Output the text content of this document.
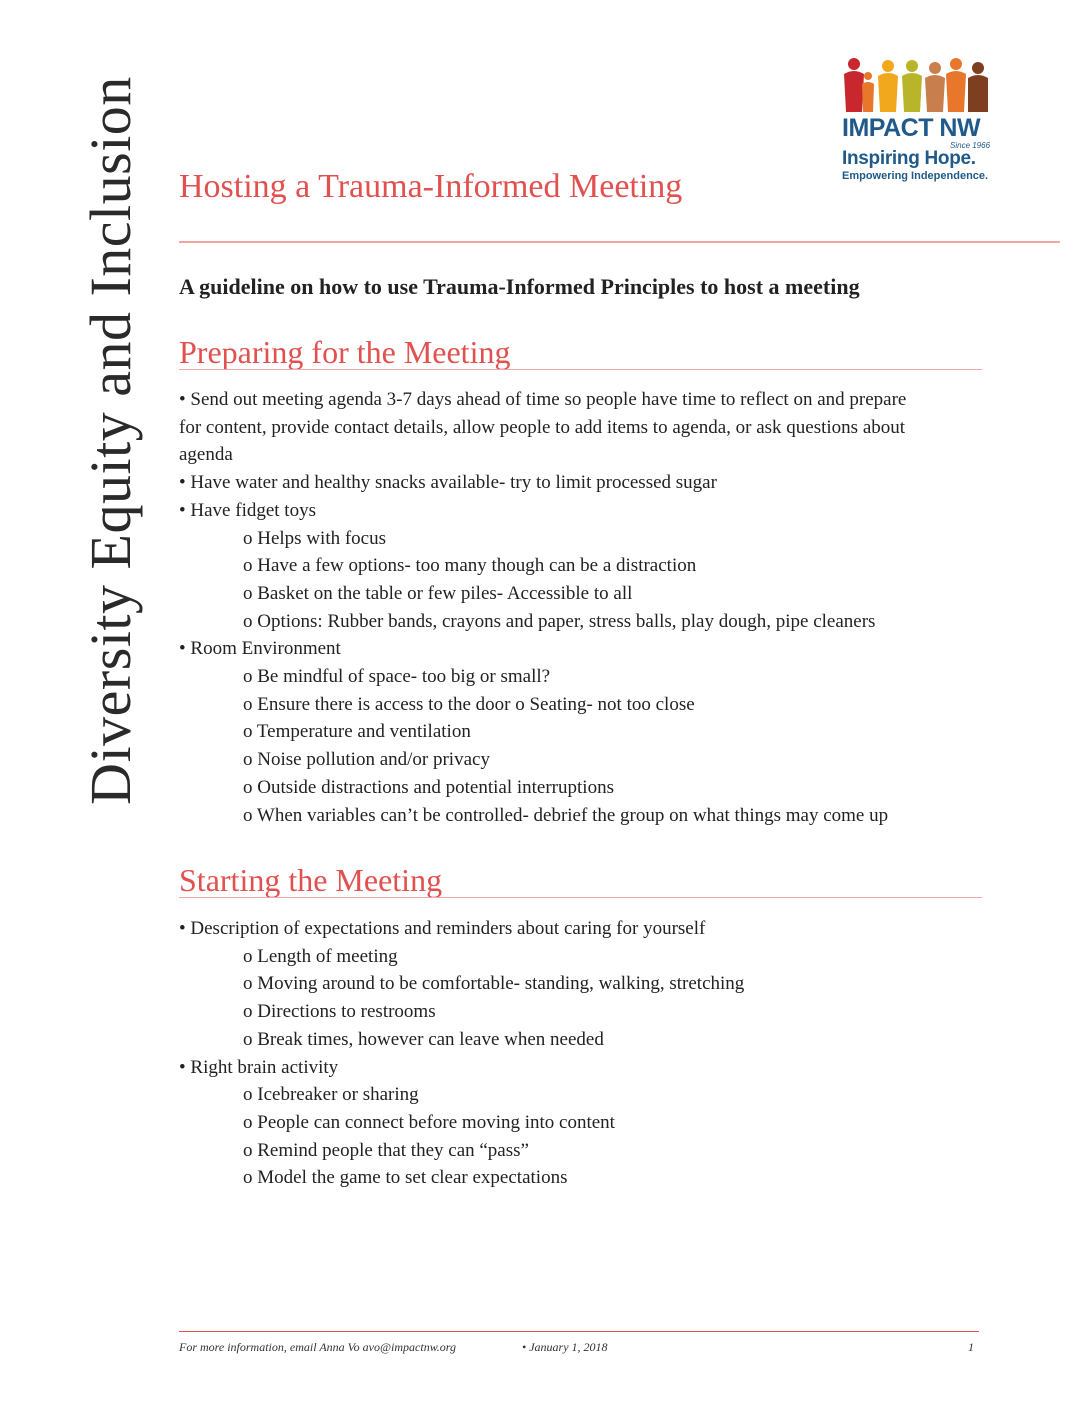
Diversity Equity and Inclusion	IMPACT NW
Since 1966
Inspiring Hope.
Empowering Independence.
Hosting a Trauma-Informed Meeting
A guideline on how to use Trauma-Informed Principles to host a meeting
Preparing for the Meeting

• Send out meeting agenda 3-7 days ahead of time so people have time to reflect on and prepare

for content, provide contact details, allow people to add items to agenda, or ask questions about

agenda

• Have water and healthy snacks available- try to limit processed sugar

• Have fidget toys

o Helps with focus

o Have a few options- too many though can be a distraction

o Basket on the table or few piles- Accessible to all

o Options: Rubber bands, crayons and paper, stress balls, play dough, pipe cleaners

• Room Environment

o Be mindful of space- too big or small?

o Ensure there is access to the door o Seating- not too close

o Temperature and ventilation

o Noise pollution and/or privacy

o Outside distractions and potential interruptions

o When variables can’t be controlled- debrief the group on what things may come up

Starting the Meeting

• Description of expectations and reminders about caring for yourself

o Length of meeting

o Moving around to be comfortable- standing, walking, stretching

o Directions to restrooms

o Break times, however can leave when needed

• Right brain activity

o Icebreaker or sharing

o People can connect before moving into content

o Remind people that they can “pass”

o Model the game to set clear expectations

For more information, email Anna Vo avo@impactnw.org	• January 1, 2018	1
